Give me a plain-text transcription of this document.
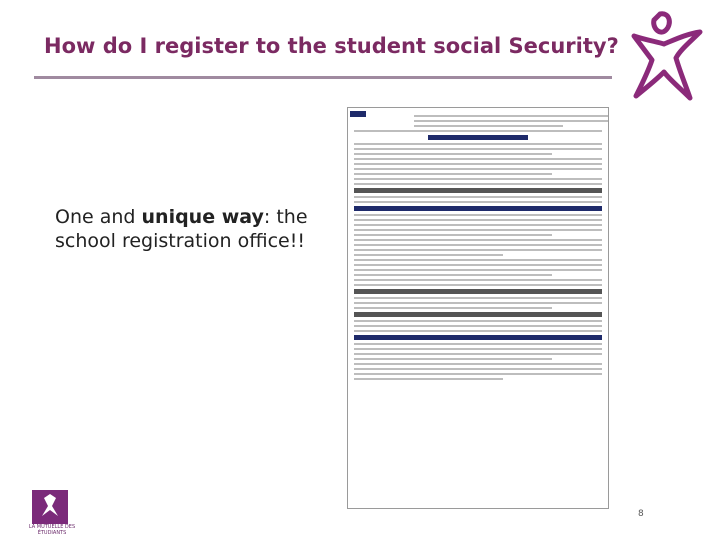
How do I register to the student social Security?
One and unique way: the school registration office!!
LA MUTUELLE DES ÉTUDIANTS
8
